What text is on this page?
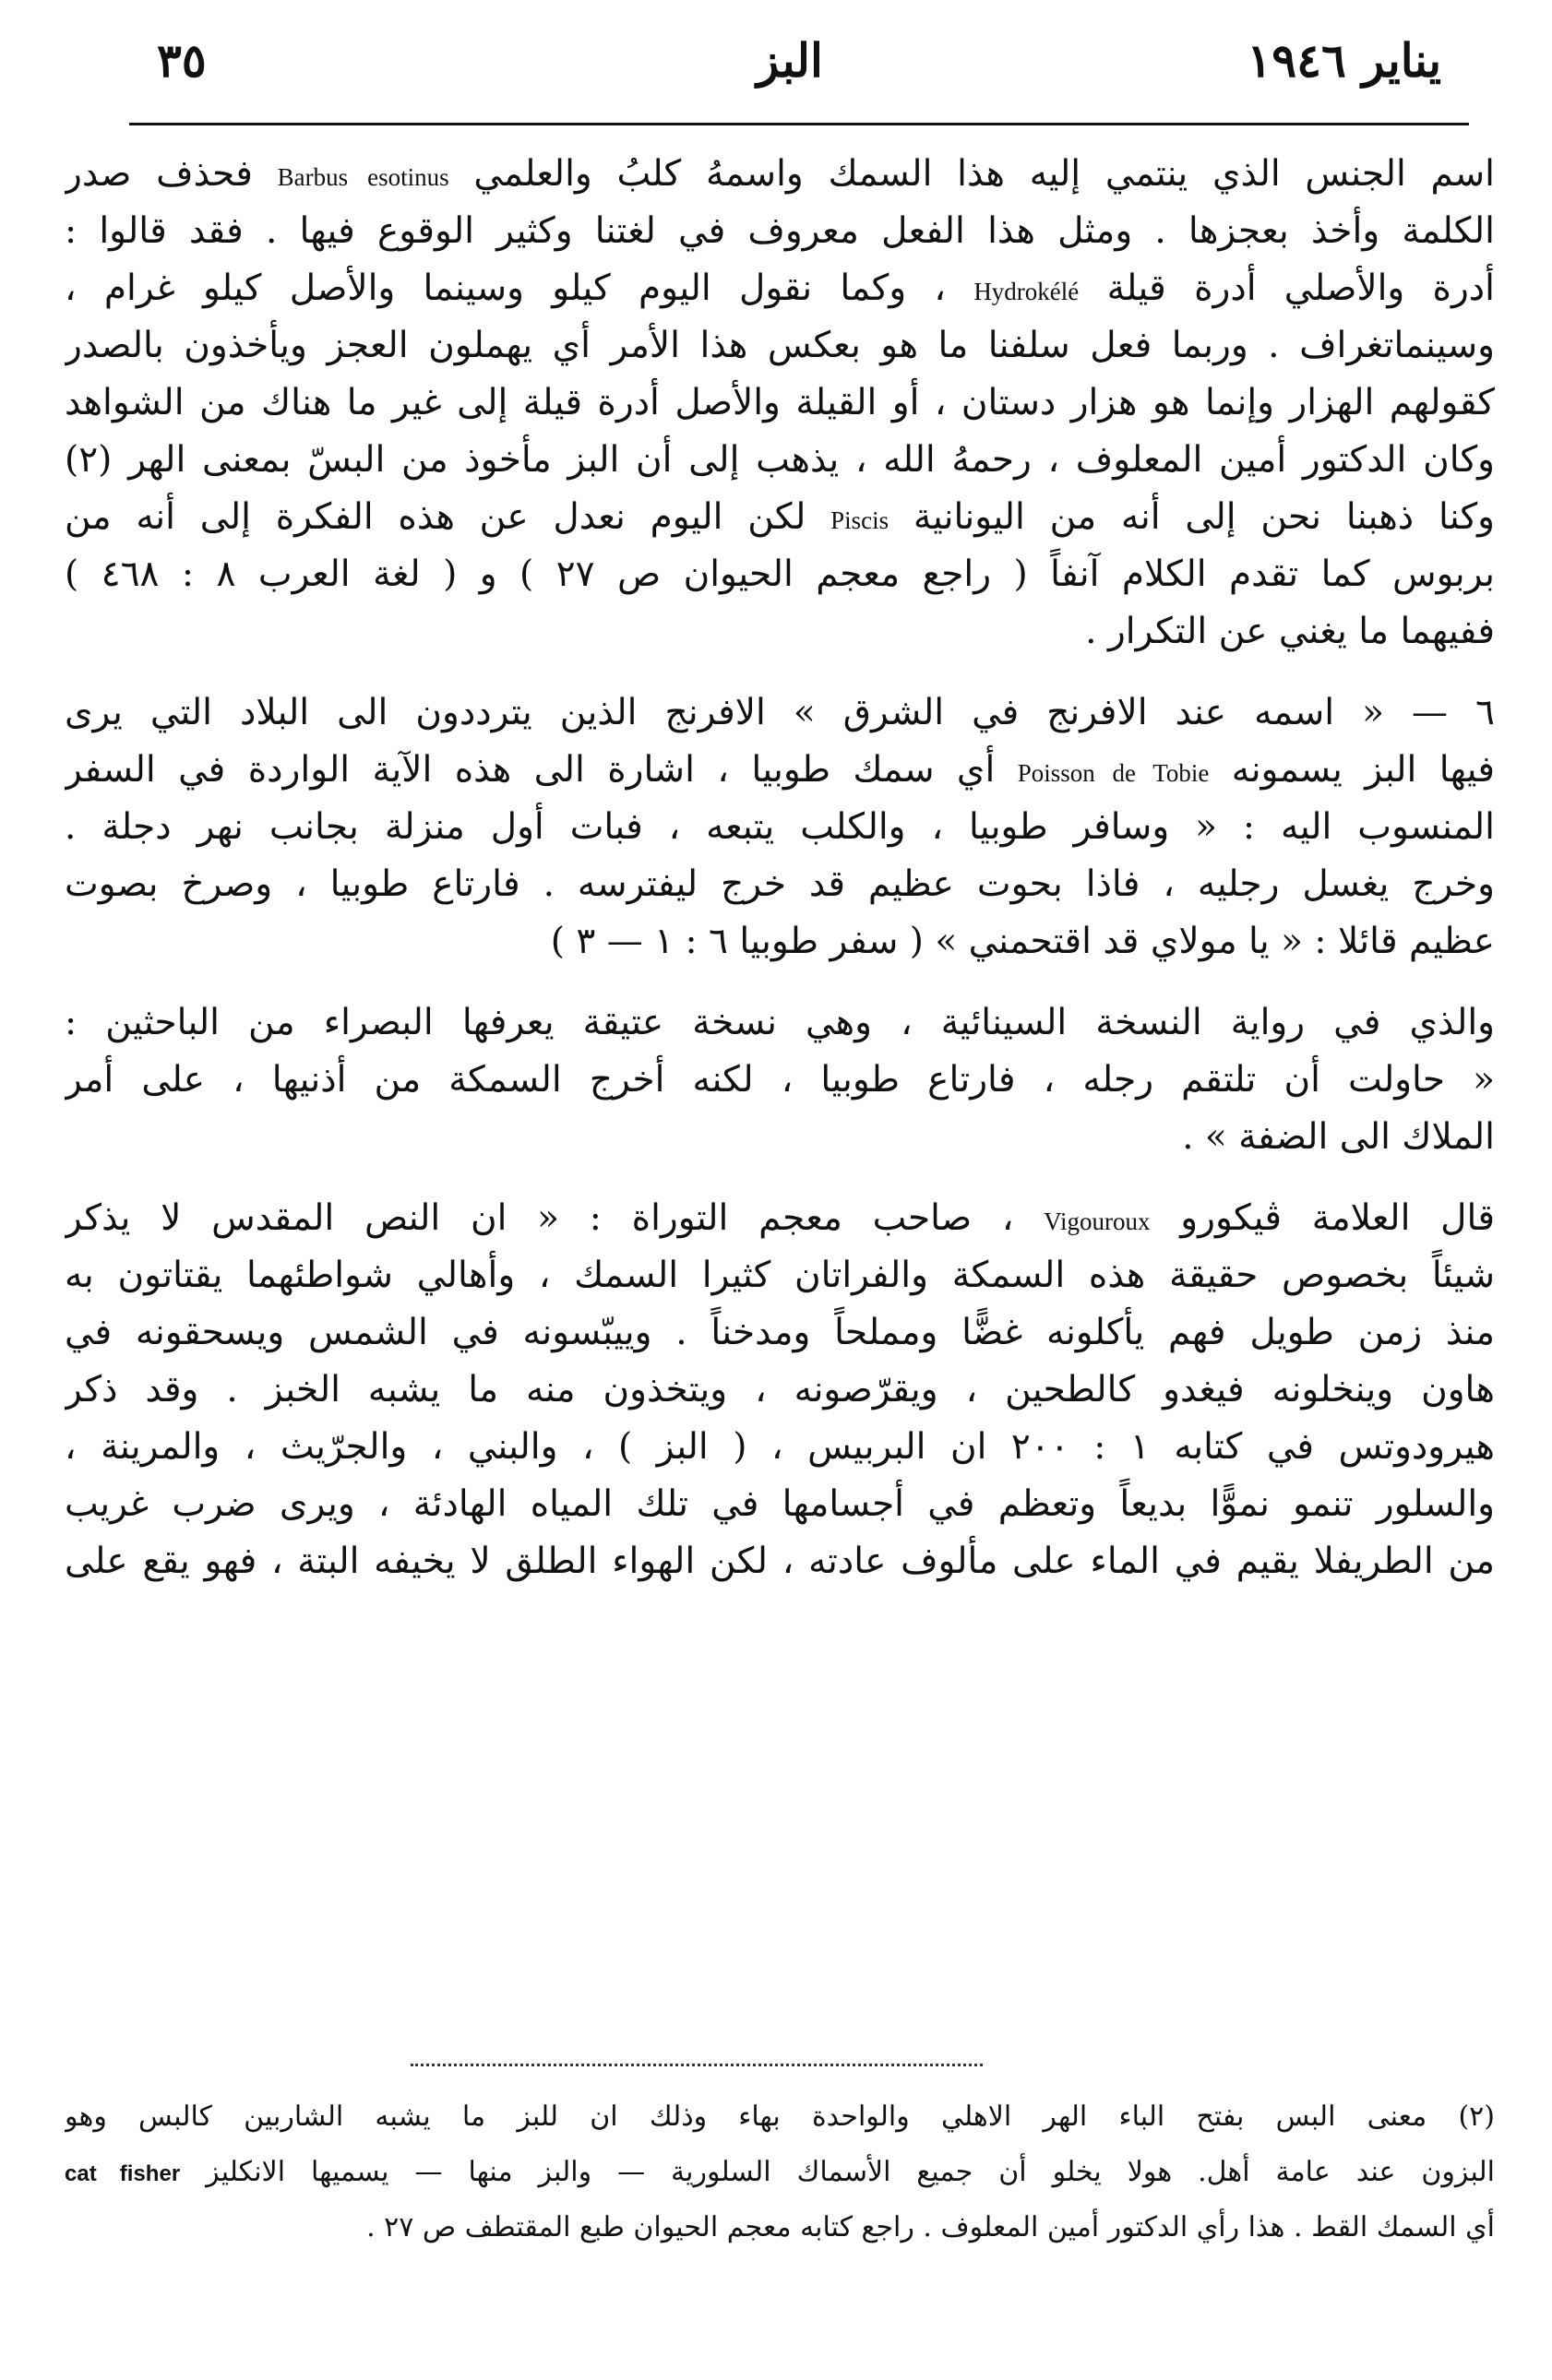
٣٥	البز	يناير ١٩٤٦
اسم الجنس الذي ينتمي إليه هذا السمك واسمهُ كلبُ والعلمي Barbus esotinus فحذف صدر
الكلمة وأخذ بعجزها . ومثل هذا الفعل معروف في لغتنا وكثير الوقوع فيها . فقد قالوا :
أدرة والأصلي أدرة قيلة Hydrokélé ، وكما نقول اليوم كيلو وسينما والأصل كيلو غرام ،
وسينماتغراف . وربما فعل سلفنا ما هو بعكس هذا الأمر أي يهملون العجز ويأخذون بالصدر
كقولهم الهزار وإنما هو هزار دستان ، أو القيلة والأصل أدرة قيلة إلى غير ما هناك من الشواهد
وكان الدكتور أمين المعلوف ، رحمهُ الله ، يذهب إلى أن البز مأخوذ من البسّ بمعنى الهر (٢)
وكنا ذهبنا نحن إلى أنه من اليونانية Piscis لكن اليوم نعدل عن هذه الفكرة إلى أنه من
بربوس كما تقدم الكلام آنفاً ( راجع معجم الحيوان ص ٢٧ ) و ( لغة العرب ٨ : ٤٦٨ )
ففيهما ما يغني عن التكرار .
٦ — « اسمه عند الافرنج في الشرق » الافرنج الذين يترددون الى البلاد التي يرى
فيها البز يسمونه Poisson de Tobie أي سمك طوبيا ، اشارة الى هذه الآية الواردة في السفر
المنسوب اليه : « وسافر طوبيا ، والكلب يتبعه ، فبات أول منزلة بجانب نهر دجلة .
وخرج يغسل رجليه ، فاذا بحوت عظيم قد خرج ليفترسه . فارتاع طوبيا ، وصرخ بصوت
عظيم قائلا : « يا مولاي قد اقتحمني » ( سفر طوبيا ٦ : ١ — ٣ )
والذي في رواية النسخة السينائية ، وهي نسخة عتيقة يعرفها البصراء من الباحثين :
« حاولت أن تلتقم رجله ، فارتاع طوبيا ، لكنه أخرج السمكة من أذنيها ، على أمر
الملاك الى الضفة » .
قال العلامة ڤيكورو Vigouroux ، صاحب معجم التوراة : « ان النص المقدس لا يذكر
شيئاً بخصوص حقيقة هذه السمكة والفراتان كثيرا السمك ، وأهالي شواطئهما يقتاتون به
منذ زمن طويل فهم يأكلونه غضًّا ومملحاً ومدخناً . وييبّسونه في الشمس ويسحقونه في
هاون وينخلونه فيغدو كالطحين ، ويقرّصونه ، ويتخذون منه ما يشبه الخبز . وقد ذكر
هيرودوتس في كتابه ١ : ٢٠٠ ان البربيس ، ( البز ) ، والبني ، والجرّيث ، والمرينة ،
والسلور تنمو نموًّا بديعاً وتعظم في أجسامها في تلك المياه الهادئة ، ويرى ضرب غريب
من الطريفلا يقيم في الماء على مألوف عادته ، لكن الهواء الطلق لا يخيفه البتة ، فهو يقع على
(٢) معنى البس بفتح الباء الهر الاهلي والواحدة بهاء وذلك ان للبز ما يشبه الشاربين كالبس وهو
البزون عند عامة أهل. هولا يخلو أن جميع الأسماك السلورية — والبز منها — يسميها الانكليز cat fisher
أي السمك القط . هذا رأي الدكتور أمين المعلوف . راجع كتابه معجم الحيوان طبع المقتطف ص ٢٧ .
